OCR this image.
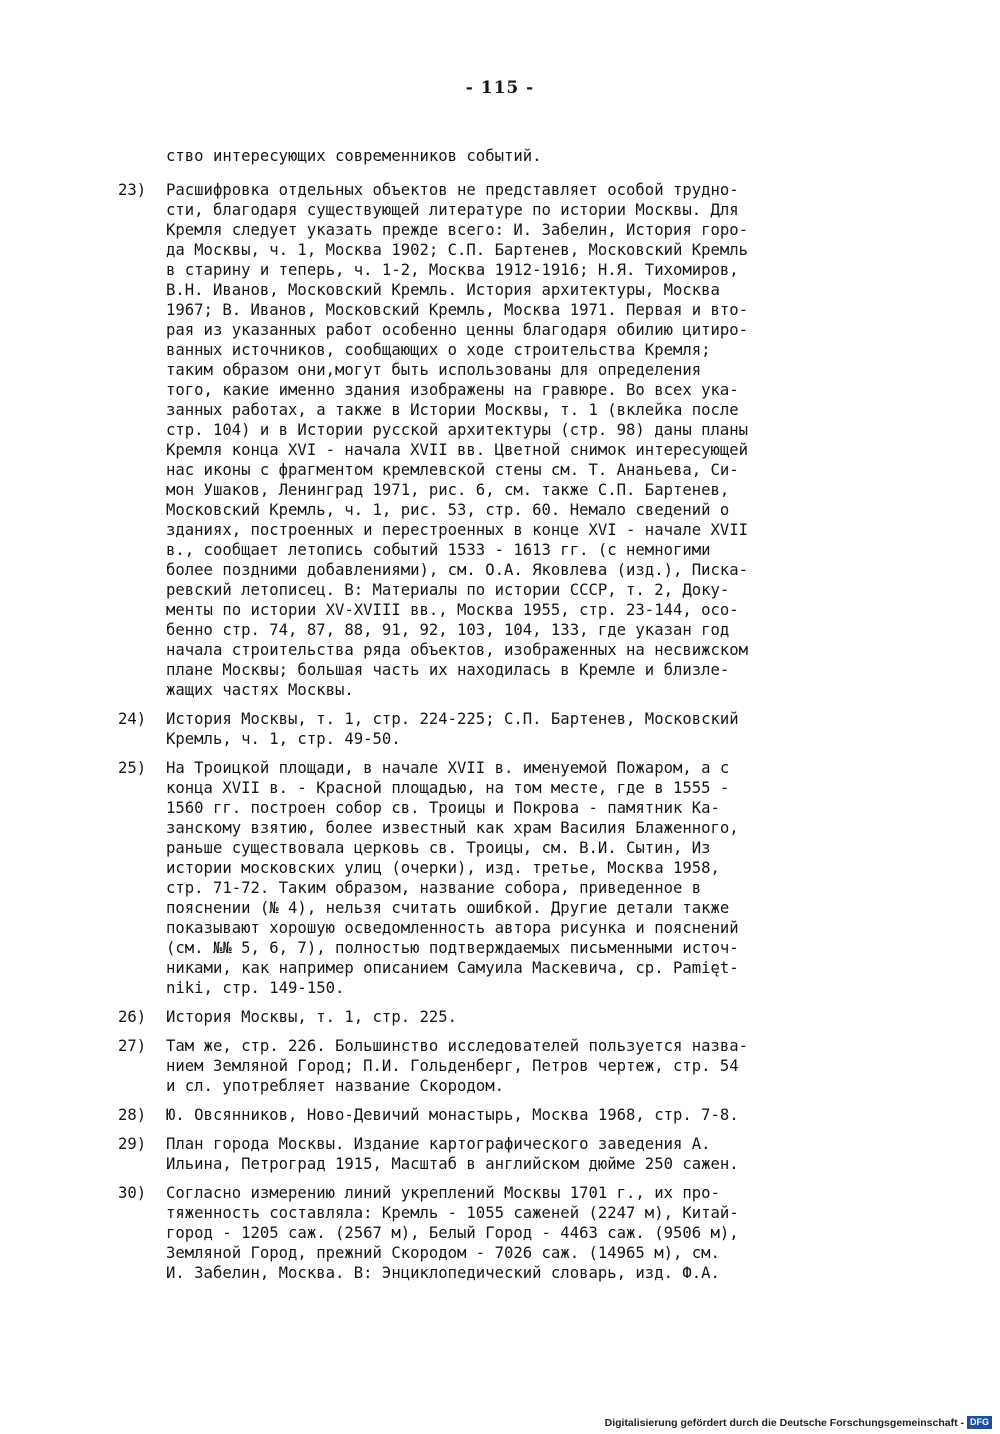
- 115 -
ство интересующих современников событий.
23)	Расшифровка отдельных объектов не представляет особой трудно-
сти, благодаря существующей литературе по истории Москвы. Для
Кремля следует указать прежде всего: И. Забелин, История горо-
да Москвы, ч. 1, Москва 1902; С.П. Бартенев, Московский Кремль
в старину и теперь, ч. 1-2, Москва 1912-1916; Н.Я. Тихомиров,
В.Н. Иванов, Московский Кремль. История архитектуры, Москва
1967; В. Иванов, Московский Кремль, Москва 1971. Первая и вто-
рая из указанных работ особенно ценны благодаря обилию цитиро-
ванных источников, сообщающих о ходе строительства Кремля;
таким образом они,могут быть использованы для определения
того, какие именно здания изображены на гравюре. Во всех ука-
занных работах, а также в Истории Москвы, т. 1 (вклейка после
стр. 104) и в Истории русской архитектуры (стр. 98) даны планы
Кремля конца XVI - начала XVII вв. Цветной снимок интересующей
нас иконы с фрагментом кремлевской стены см. Т. Ананьева, Си-
мон Ушаков, Ленинград 1971, рис. 6, см. также С.П. Бартенев,
Московский Кремль, ч. 1, рис. 53, стр. 60. Немало сведений о
зданиях, построенных и перестроенных в конце XVI - начале XVII
в., сообщает летопись событий 1533 - 1613 гг. (с немногими
более поздними добавлениями), см. О.А. Яковлева (изд.), Писка-
ревский летописец. В: Материалы по истории СССР, т. 2, Доку-
менты по истории XV-XVIII вв., Москва 1955, стр. 23-144, осо-
бенно стр. 74, 87, 88, 91, 92, 103, 104, 133, где указан год
начала строительства ряда объектов, изображенных на несвижском
плане Москвы; большая часть их находилась в Кремле и близле-
жащих частях Москвы.
24)	История Москвы, т. 1, стр. 224-225; С.П. Бартенев, Московский
Кремль, ч. 1, стр. 49-50.
25)	На Троицкой площади, в начале XVII в. именуемой Пожаром, а с
конца XVII в. - Красной площадью, на том месте, где в 1555 -
1560 гг. построен собор св. Троицы и Покрова - памятник Ка-
занскому взятию, более известный как храм Василия Блаженного,
раньше существовала церковь св. Троицы, см. В.И. Сытин, Из
истории московских улиц (очерки), изд. третье, Москва 1958,
стр. 71-72. Таким образом, название собора, приведенное в
пояснении (№ 4), нельзя считать ошибкой. Другие детали также
показывают хорошую осведомленность автора рисунка и пояснений
(см. №№ 5, 6, 7), полностью подтверждаемых письменными источ-
никами, как например описанием Самуила Маскевича, ср. Pamięt-
niki, стр. 149-150.
26)	История Москвы, т. 1, стр. 225.
27)	Там же, стр. 226. Большинство исследователей пользуется назва-
нием Земляной Город; П.И. Гольденберг, Петров чертеж, стр. 54
и сл. употребляет название Скородом.
28)	Ю. Овсянников, Ново-Девичий монастырь, Москва 1968, стр. 7-8.
29)	План города Москвы. Издание картографического заведения А.
Ильина, Петроград 1915, Масштаб в английском дюйме 250 сажен.
30)	Согласно измерению линий укреплений Москвы 1701 г., их про-
тяженность составляла: Кремль - 1055 саженей (2247 м), Китай-
город - 1205 саж. (2567 м), Белый Город - 4463 саж. (9506 м),
Земляной Город, прежний Скородом - 7026 саж. (14965 м), см.
И. Забелин, Москва. В: Энциклопедический словарь, изд. Ф.А.
Digitalisierung gefördert durch die Deutsche Forschungsgemeinschaft - DFG
